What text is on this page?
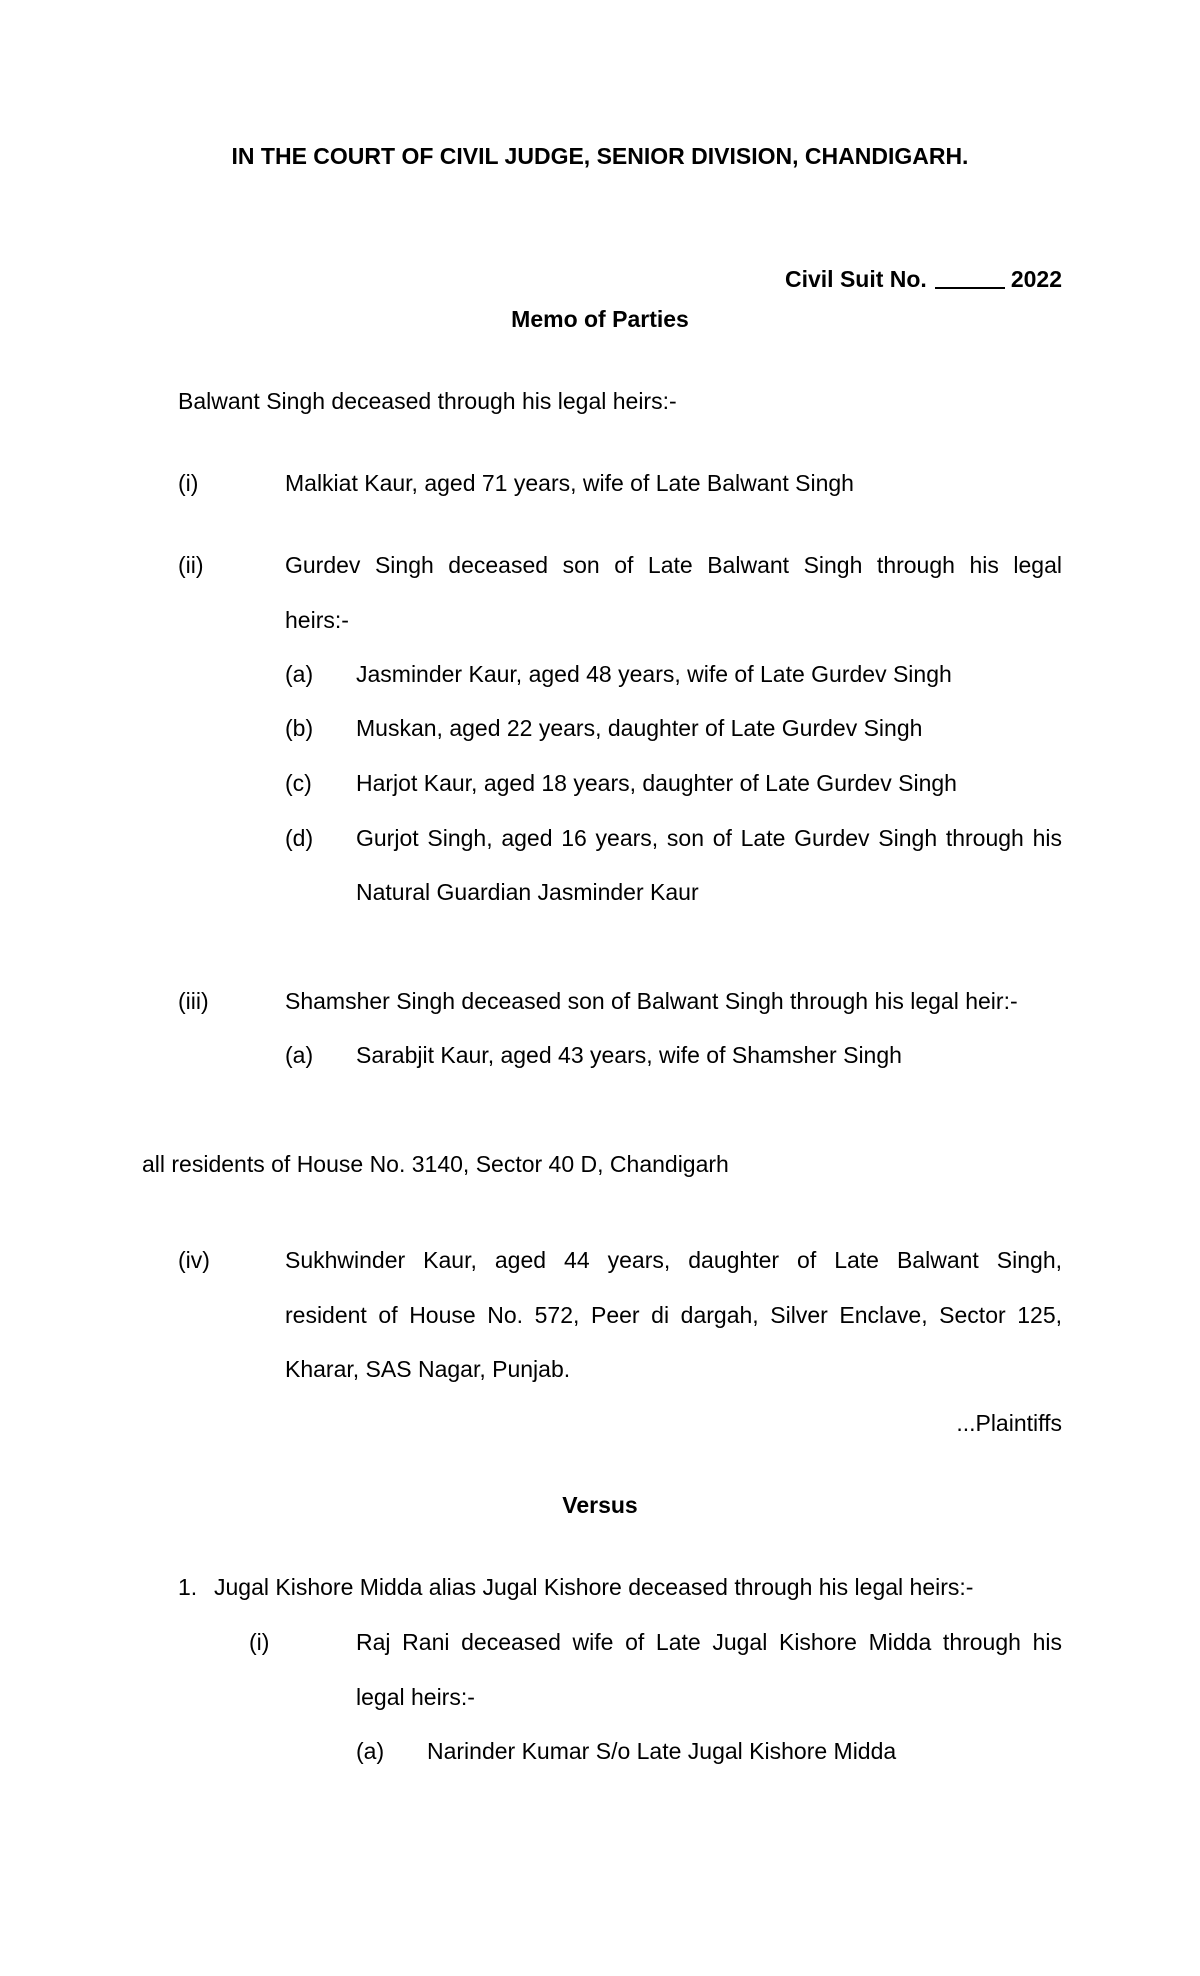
IN THE COURT OF CIVIL JUDGE, SENIOR DIVISION, CHANDIGARH.
Civil Suit No.	2022
Memo of Parties
Balwant Singh deceased through his legal heirs:-
(i)	Malkiat Kaur, aged 71 years, wife of Late Balwant Singh
(ii)	Gurdev Singh deceased son of Late Balwant Singh through his legal
heirs:-
(a) Jasminder Kaur, aged 48 years, wife of Late Gurdev Singh
(b) Muskan, aged 22 years, daughter of Late Gurdev Singh
(c) Harjot Kaur, aged 18 years, daughter of Late Gurdev Singh
(d) Gurjot Singh, aged 16 years, son of Late Gurdev Singh through his
Natural Guardian Jasminder Kaur
(iii)	Shamsher Singh deceased son of Balwant Singh through his legal heir:-
(a) Sarabjit Kaur, aged 43 years, wife of Shamsher Singh
all residents of House No. 3140, Sector 40 D, Chandigarh
(iv)	Sukhwinder Kaur, aged 44 years, daughter of Late Balwant Singh,
resident of House No. 572, Peer di dargah, Silver Enclave, Sector 125,
Kharar, SAS Nagar, Punjab.
...Plaintiffs
Versus
1. Jugal Kishore Midda alias Jugal Kishore deceased through his legal heirs:-
(i)	Raj Rani deceased wife of Late Jugal Kishore Midda through his
legal heirs:-
(a) Narinder Kumar S/o Late Jugal Kishore Midda
